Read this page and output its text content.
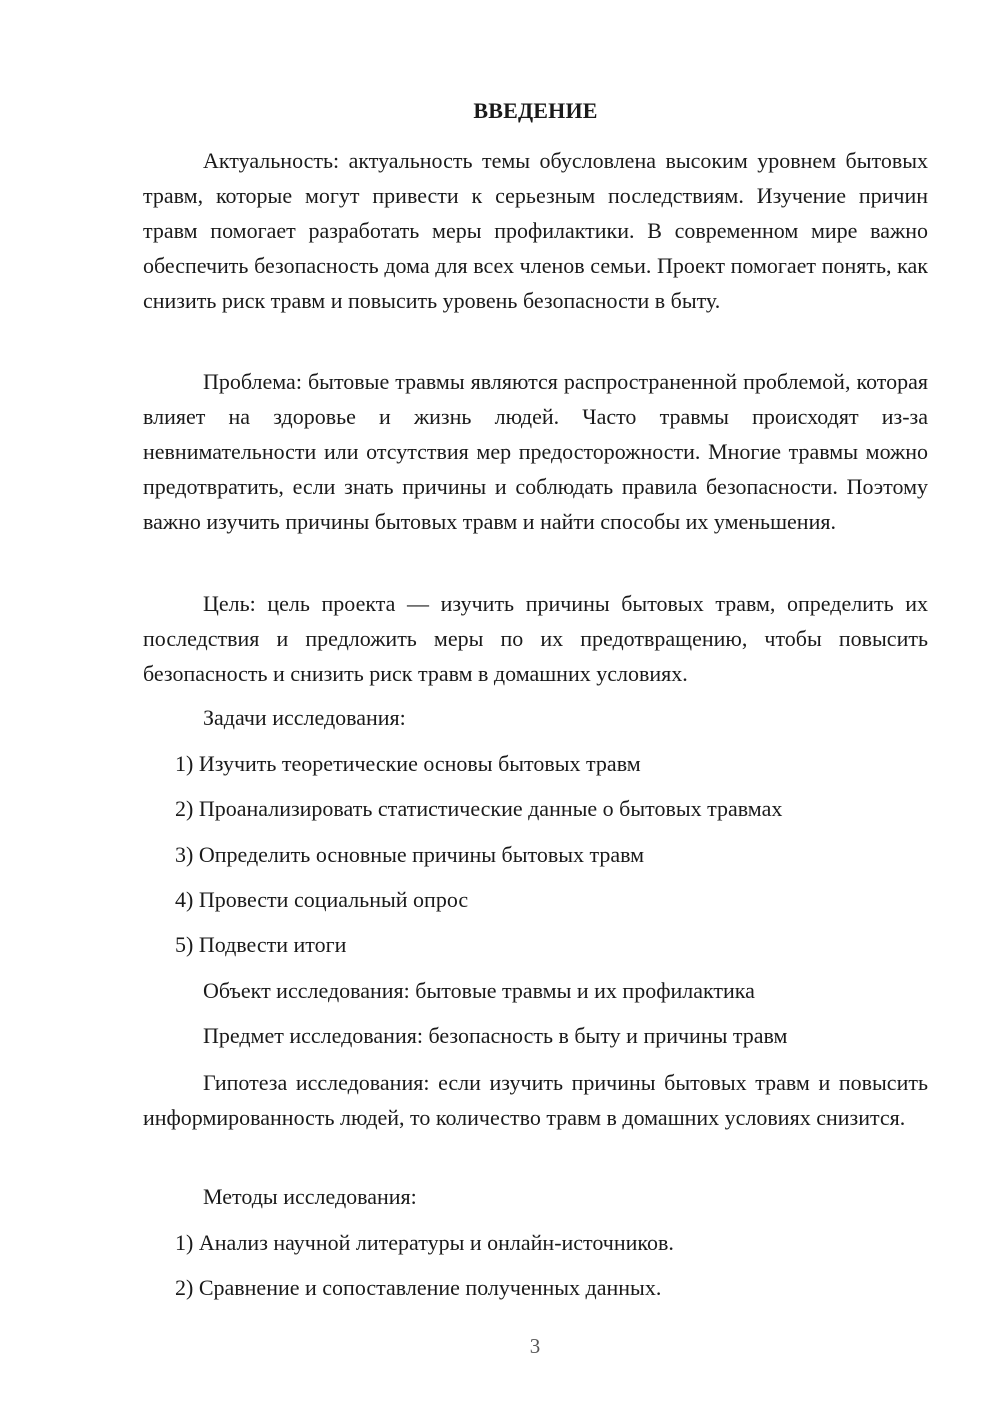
ВВЕДЕНИЕ

Актуальность: актуальность темы обусловлена высоким уровнем бытовых травм, которые могут привести к серьезным последствиям. Изучение причин травм помогает разработать меры профилактики. В современном мире важно обеспечить безопасность дома для всех членов семьи. Проект помогает понять, как снизить риск травм и повысить уровень безопасности в быту.

Проблема: бытовые травмы являются распространенной проблемой, которая влияет на здоровье и жизнь людей. Часто травмы происходят из-за невнимательности или отсутствия мер предосторожности. Многие травмы можно предотвратить, если знать причины и соблюдать правила безопасности. Поэтому важно изучить причины бытовых травм и найти способы их уменьшения.

Цель: цель проекта — изучить причины бытовых травм, определить их последствия и предложить меры по их предотвращению, чтобы повысить безопасность и снизить риск травм в домашних условиях.

Задачи исследования:

1) Изучить теоретические основы бытовых травм

2) Проанализировать статистические данные о бытовых травмах

3) Определить основные причины бытовых травм

4) Провести социальный опрос

5) Подвести итоги

Объект исследования: бытовые травмы и их профилактика

Предмет исследования: безопасность в быту и причины травм

Гипотеза исследования: если изучить причины бытовых травм и повысить информированность людей, то количество травм в домашних условиях снизится.

Методы исследования:

1) Анализ научной литературы и онлайн-источников.

2) Сравнение и сопоставление полученных данных.

3
